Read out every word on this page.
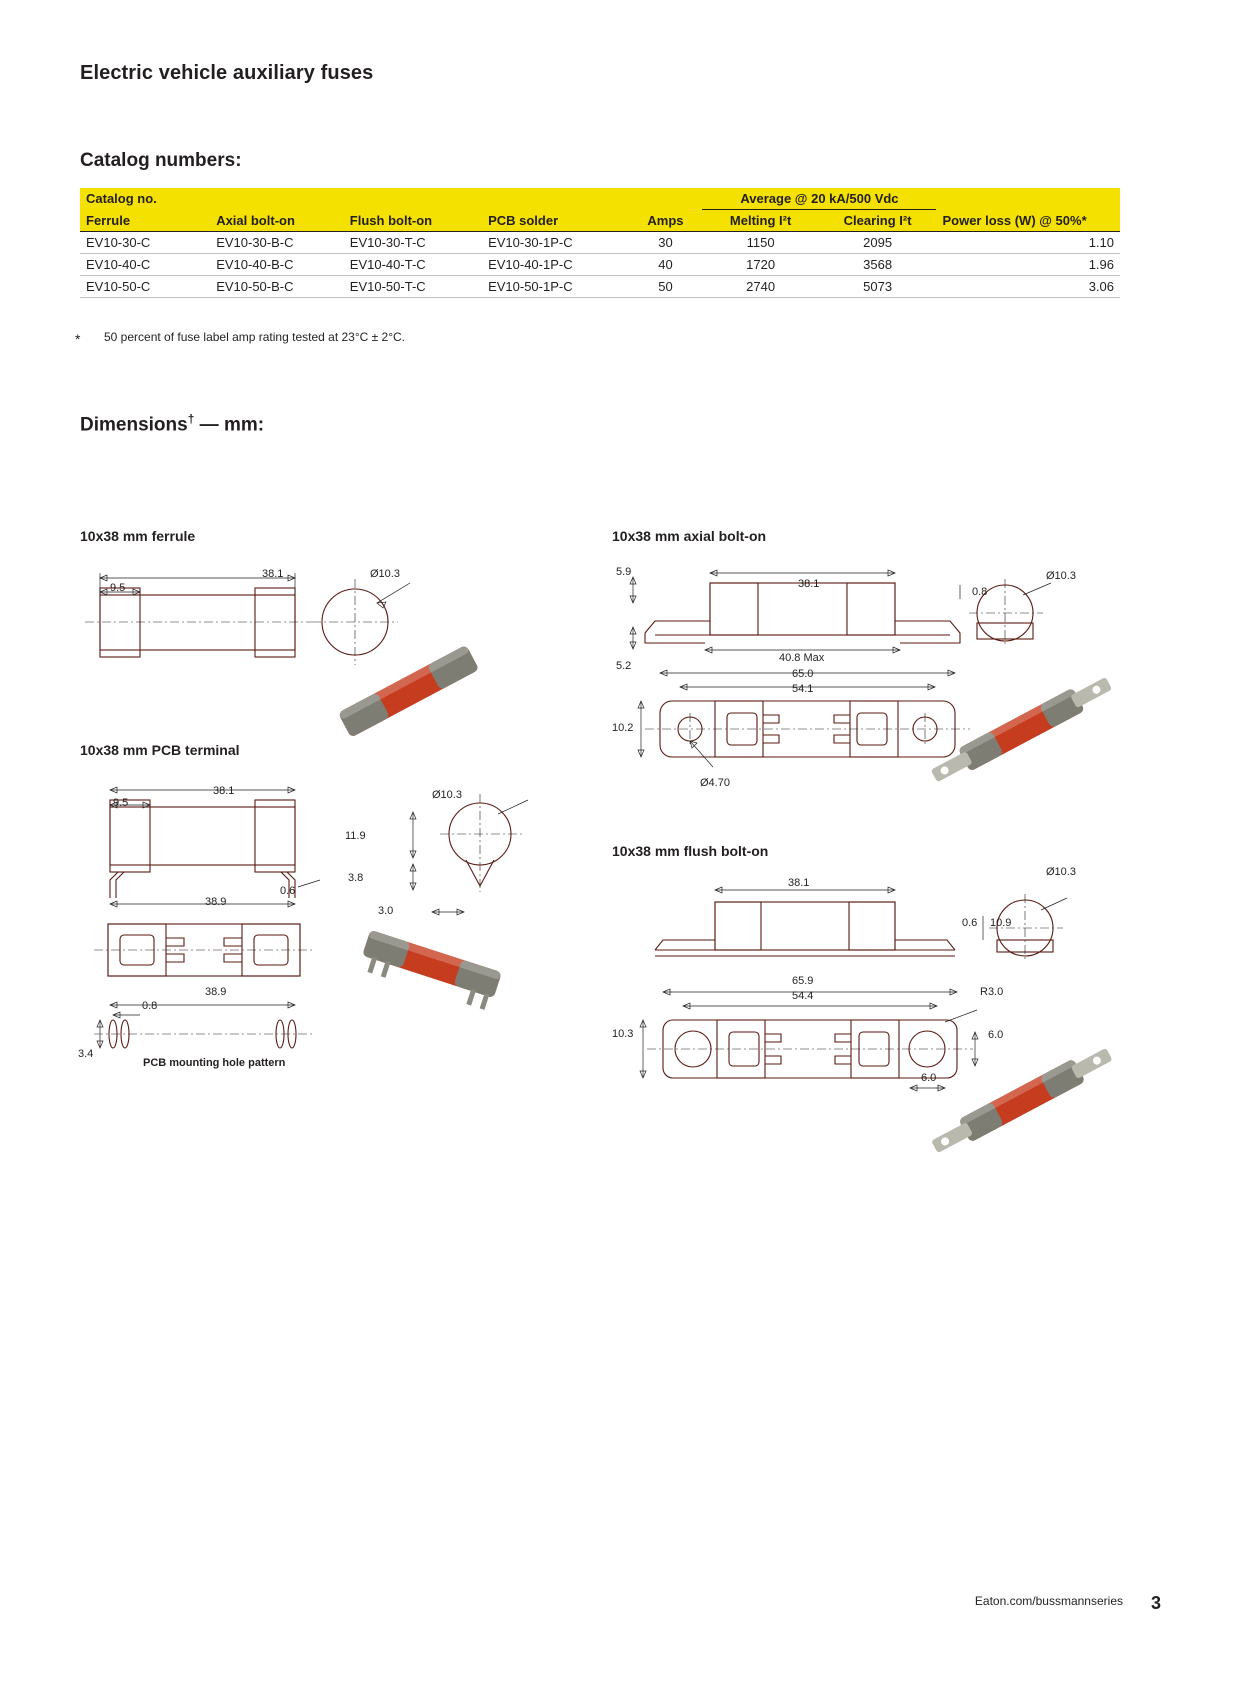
Electric vehicle auxiliary fuses
Catalog numbers:
Catalog no.					Average @ 20 kA/500 Vdc		
Ferrule	Axial bolt-on	Flush bolt-on	PCB solder	Amps	Melting I²t	Clearing I²t	Power loss (W) @ 50%*
EV10-30-C	EV10-30-B-C	EV10-30-T-C	EV10-30-1P-C	30	1150	2095	1.10
EV10-40-C	EV10-40-B-C	EV10-40-T-C	EV10-40-1P-C	40	1720	3568	1.96
EV10-50-C	EV10-50-B-C	EV10-50-T-C	EV10-50-1P-C	50	2740	5073	3.06
* 50 percent of fuse label amp rating tested at 23°C ± 2°C.
Dimensions† — mm:
10x38 mm ferrule
38.1
9.5
Ø10.3
10x38 mm PCB terminal
38.1
9.5
Ø10.3
11.9
3.8
0.6
3.0
38.9
38.9
0.8
3.4
PCB mounting hole pattern
10x38 mm axial bolt-on
38.1
5.9
5.2
40.8 Max
65.0
54.1
10.2
Ø4.70
0.8
Ø10.3
10x38 mm flush bolt-on
38.1
65.9
54.4
10.3
0.6 10.9
R3.0
6.0
6.0
Ø10.3
Eaton.com/bussmannseries 3
